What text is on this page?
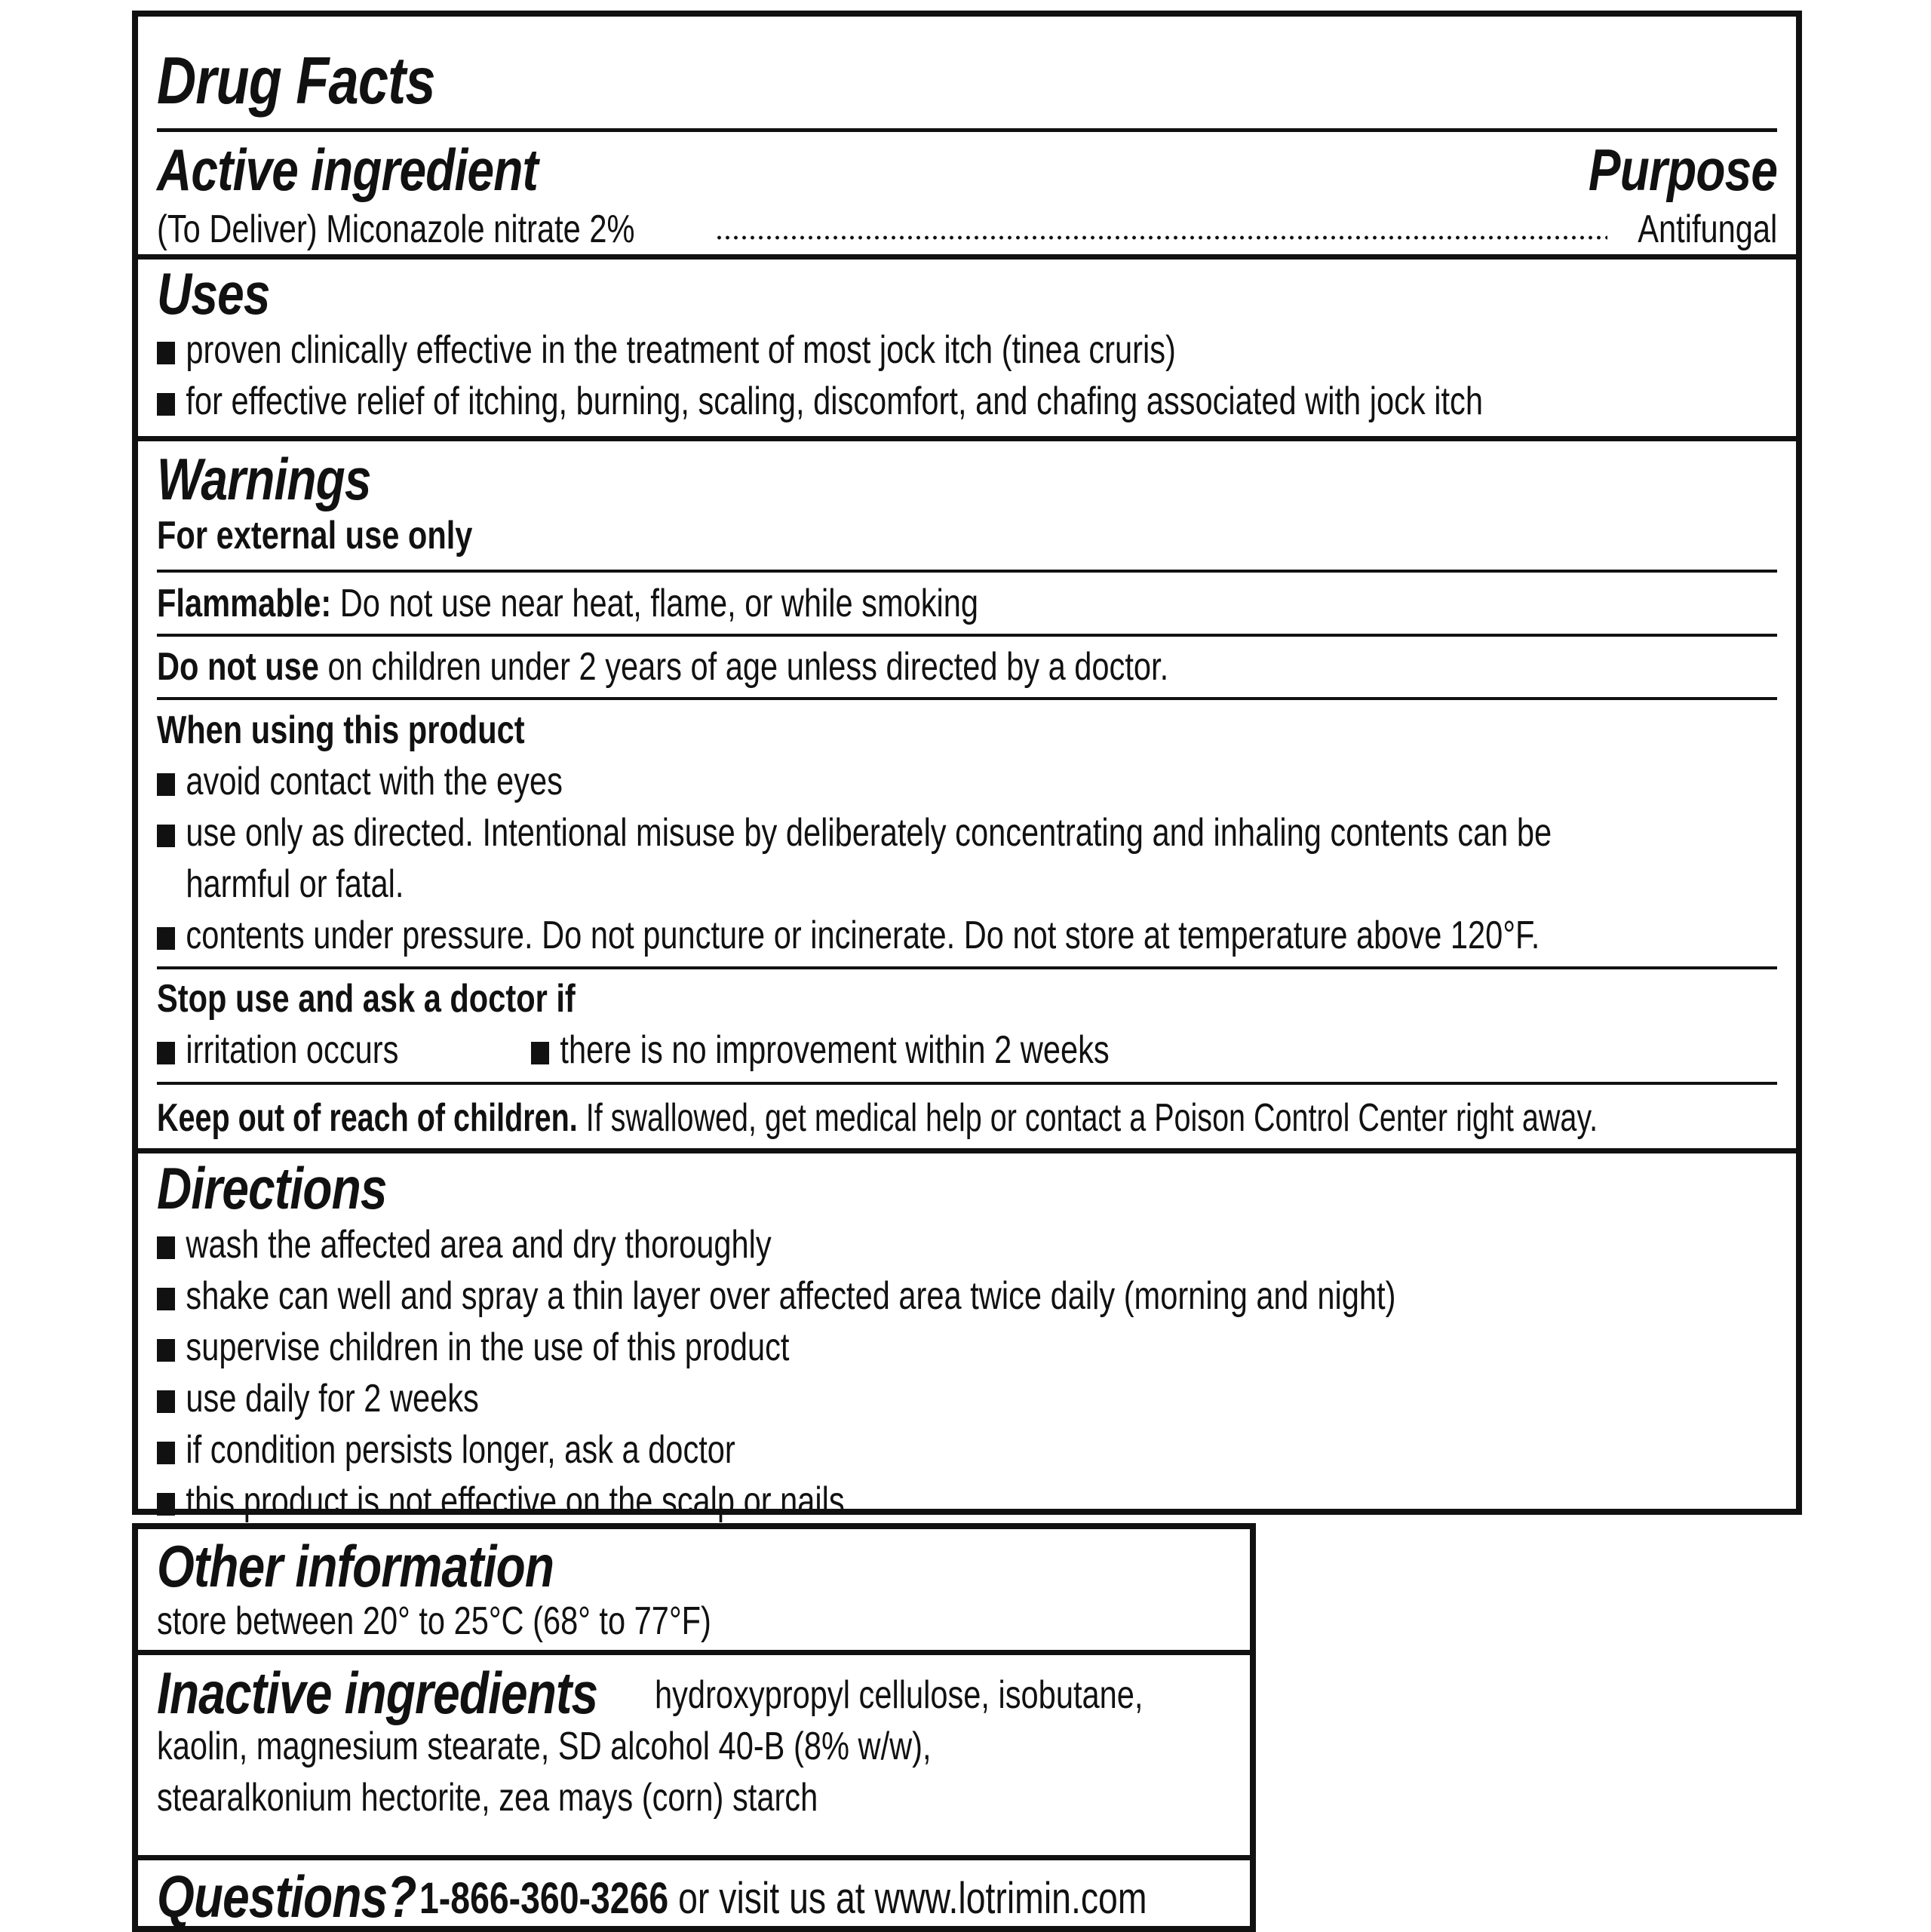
Drug Facts
Active ingredient	Purpose
(To Deliver) Miconazole nitrate 2%	Antifungal
Uses
proven clinically effective in the treatment of most jock itch (tinea cruris)
for effective relief of itching, burning, scaling, discomfort, and chafing associated with jock itch
Warnings
For external use only
Flammable: Do not use near heat, flame, or while smoking
Do not use on children under 2 years of age unless directed by a doctor.
When using this product
avoid contact with the eyes
use only as directed. Intentional misuse by deliberately concentrating and inhaling contents can be
harmful or fatal.
contents under pressure. Do not puncture or incinerate. Do not store at temperature above 120°F.
Stop use and ask a doctor if
irritation occurs	there is no improvement within 2 weeks
Keep out of reach of children. If swallowed, get medical help or contact a Poison Control Center right away.
Directions
wash the affected area and dry thoroughly
shake can well and spray a thin layer over affected area twice daily (morning and night)
supervise children in the use of this product
use daily for 2 weeks
if condition persists longer, ask a doctor
this product is not effective on the scalp or nails
Other information
store between 20° to 25°C (68° to 77°F)
Inactive ingredients hydroxypropyl cellulose, isobutane,
kaolin, magnesium stearate, SD alcohol 40-B (8% w/w),
stearalkonium hectorite, zea mays (corn) starch
Questions? 1-866-360-3266 or visit us at www.lotrimin.com
